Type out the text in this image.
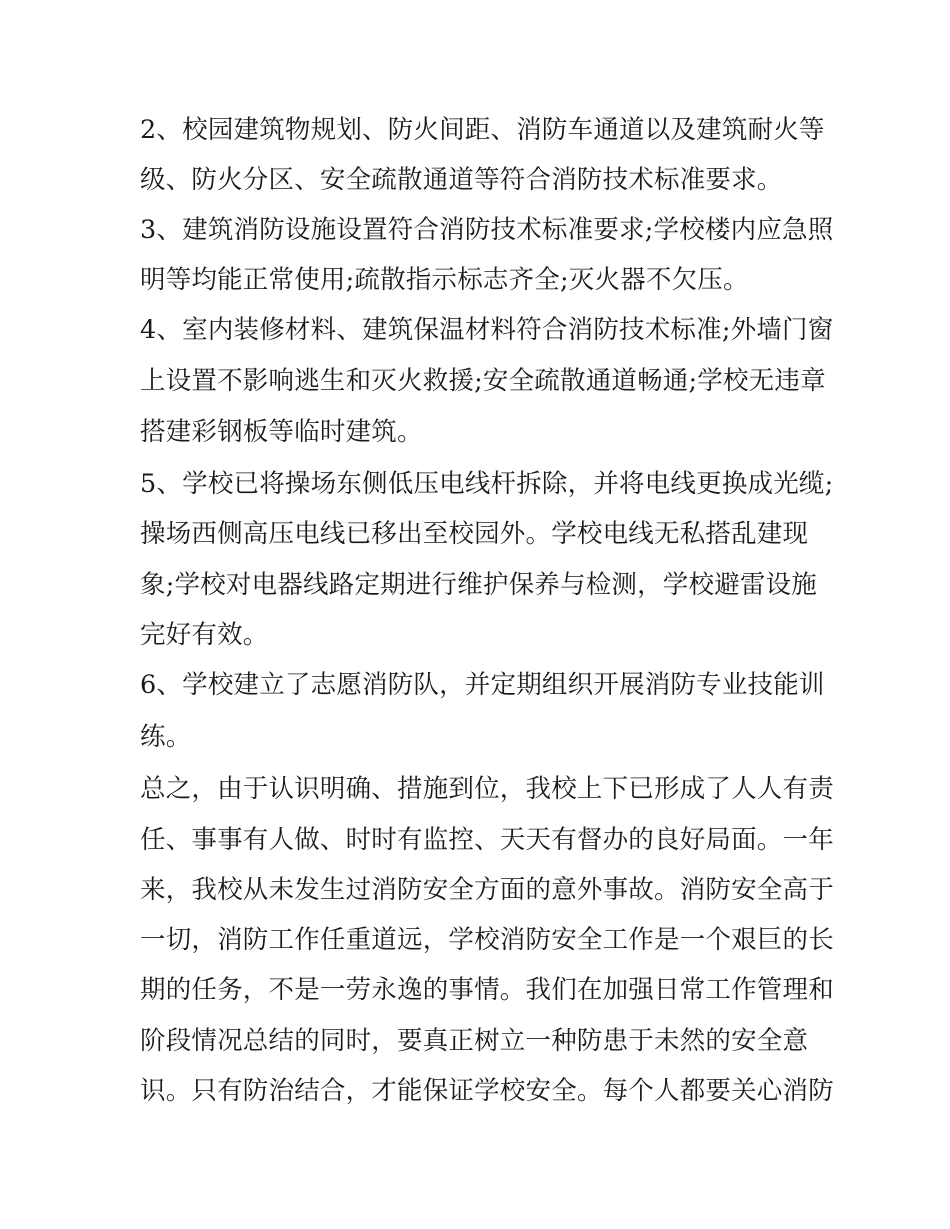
2、校园建筑物规划、防火间距、消防车通道以及建筑耐火等
级、防火分区、安全疏散通道等符合消防技术标准要求。
3、建筑消防设施设置符合消防技术标准要求;学校楼内应急照
明等均能正常使用;疏散指示标志齐全;灭火器不欠压。
4、室内装修材料、建筑保温材料符合消防技术标准;外墙门窗
上设置不影响逃生和灭火救援;安全疏散通道畅通;学校无违章
搭建彩钢板等临时建筑。
5、学校已将操场东侧低压电线杆拆除，并将电线更换成光缆;
操场西侧高压电线已移出至校园外。学校电线无私搭乱建现
象;学校对电器线路定期进行维护保养与检测，学校避雷设施
完好有效。
6、学校建立了志愿消防队，并定期组织开展消防专业技能训
练。
总之，由于认识明确、措施到位，我校上下已形成了人人有责
任、事事有人做、时时有监控、天天有督办的良好局面。一年
来，我校从未发生过消防安全方面的意外事故。消防安全高于
一切，消防工作任重道远，学校消防安全工作是一个艰巨的长
期的任务，不是一劳永逸的事情。我们在加强日常工作管理和
阶段情况总结的同时，要真正树立一种防患于未然的安全意
识。只有防治结合，才能保证学校安全。每个人都要关心消防
